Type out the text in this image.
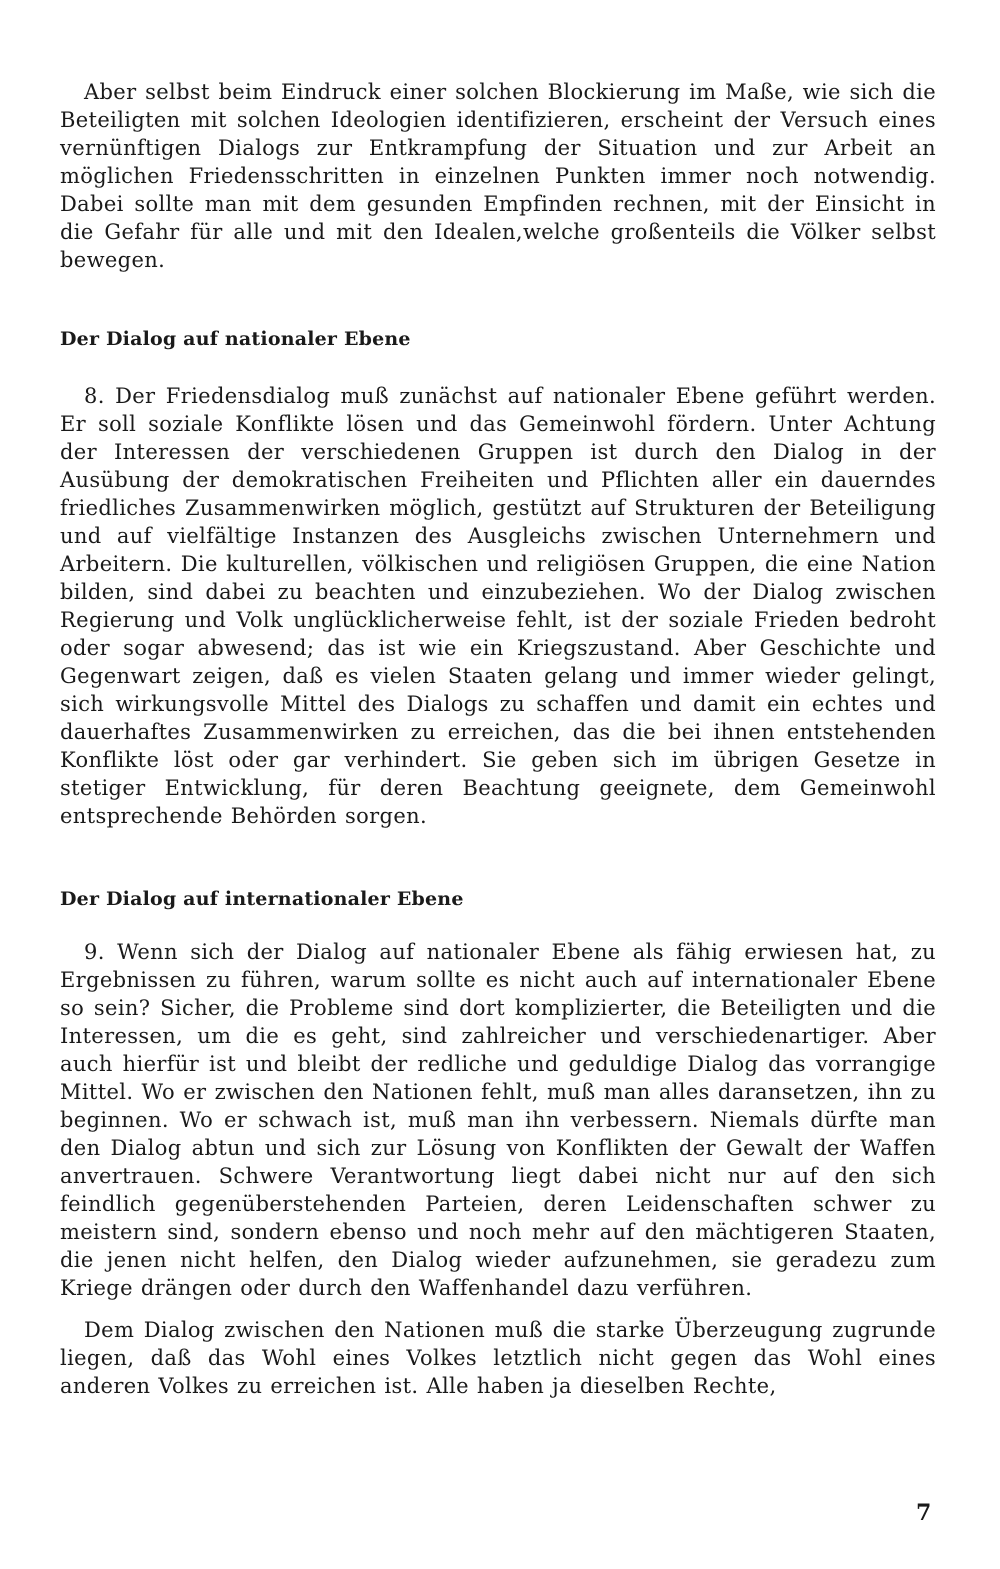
Aber selbst beim Eindruck einer solchen Blockierung im Maße, wie sich die Beteiligten mit solchen Ideologien identifizieren, erscheint der Versuch eines vernünftigen Dialogs zur Entkrampfung der Situation und zur Arbeit an möglichen Friedensschritten in einzelnen Punkten immer noch notwendig. Dabei sollte man mit dem gesunden Empfinden rechnen, mit der Einsicht in die Gefahr für alle und mit den Idealen,welche großenteils die Völker selbst bewegen.

Der Dialog auf nationaler Ebene

8. Der Friedensdialog muß zunächst auf nationaler Ebene geführt werden. Er soll soziale Konflikte lösen und das Gemeinwohl fördern. Unter Achtung der Interessen der verschiedenen Gruppen ist durch den Dialog in der Ausübung der demokratischen Freiheiten und Pflichten aller ein dauerndes friedliches Zusammenwirken möglich, gestützt auf Strukturen der Beteiligung und auf vielfältige Instanzen des Ausgleichs zwischen Unternehmern und Arbeitern. Die kulturellen, völkischen und religiösen Gruppen, die eine Nation bilden, sind dabei zu beachten und einzubeziehen. Wo der Dialog zwischen Regierung und Volk unglücklicherweise fehlt, ist der soziale Frieden bedroht oder sogar abwesend; das ist wie ein Kriegszustand. Aber Geschichte und Gegenwart zeigen, daß es vielen Staaten gelang und immer wieder gelingt, sich wirkungsvolle Mittel des Dialogs zu schaffen und damit ein echtes und dauerhaftes Zusammenwirken zu erreichen, das die bei ihnen entstehenden Konflikte löst oder gar verhindert. Sie geben sich im übrigen Gesetze in stetiger Entwicklung, für deren Beachtung geeignete, dem Gemeinwohl entsprechende Behörden sorgen.

Der Dialog auf internationaler Ebene

9. Wenn sich der Dialog auf nationaler Ebene als fähig erwiesen hat, zu Ergebnissen zu führen, warum sollte es nicht auch auf internationaler Ebene so sein? Sicher, die Probleme sind dort komplizierter, die Beteiligten und die Interessen, um die es geht, sind zahlreicher und verschiedenartiger. Aber auch hierfür ist und bleibt der redliche und geduldige Dialog das vorrangige Mittel. Wo er zwischen den Nationen fehlt, muß man alles daransetzen, ihn zu beginnen. Wo er schwach ist, muß man ihn verbessern. Niemals dürfte man den Dialog abtun und sich zur Lösung von Konflikten der Gewalt der Waffen anvertrauen. Schwere Verantwortung liegt dabei nicht nur auf den sich feindlich gegenüberstehenden Parteien, deren Leidenschaften schwer zu meistern sind, sondern ebenso und noch mehr auf den mächtigeren Staaten, die jenen nicht helfen, den Dialog wieder aufzunehmen, sie geradezu zum Kriege drängen oder durch den Waffenhandel dazu verführen.

Dem Dialog zwischen den Nationen muß die starke Überzeugung zugrunde liegen, daß das Wohl eines Volkes letztlich nicht gegen das Wohl eines anderen Volkes zu erreichen ist. Alle haben ja dieselben Rechte,

7
